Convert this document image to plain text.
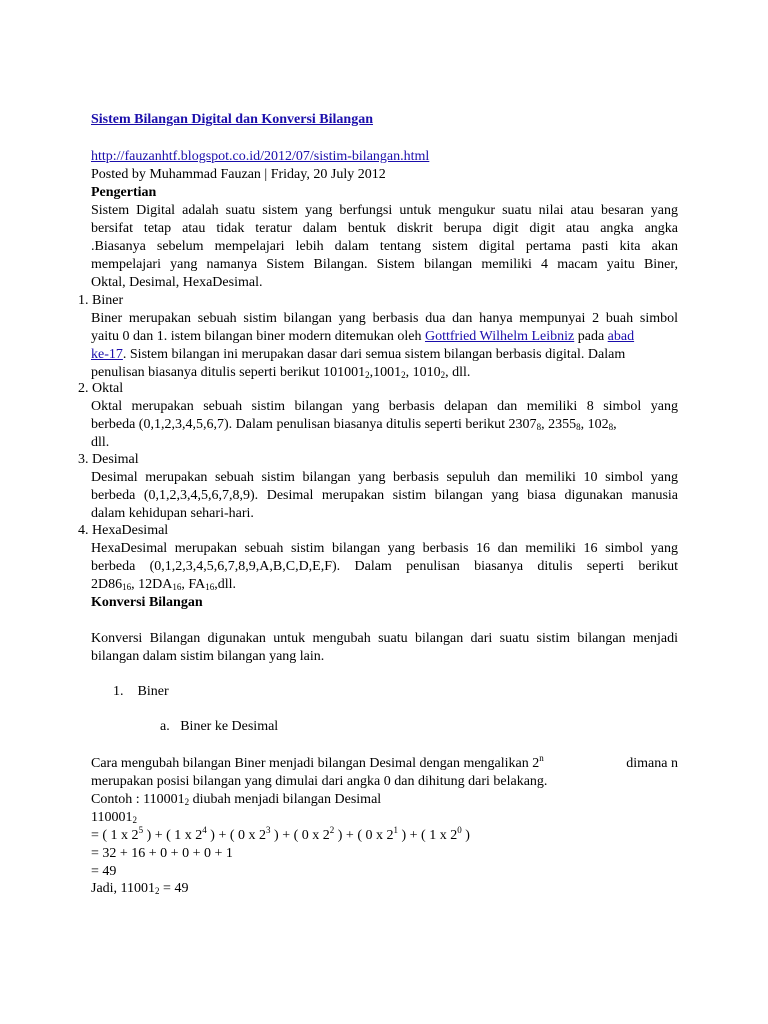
Sistem Bilangan Digital dan Konversi Bilangan
http://fauzanhtf.blogspot.co.id/2012/07/sistim-bilangan.html
Posted by Muhammad Fauzan | Friday, 20 July 2012
Pengertian
Sistem Digital adalah suatu sistem yang berfungsi untuk mengukur suatu nilai atau besaran yang
bersifat tetap atau tidak teratur dalam bentuk diskrit berupa digit digit atau angka angka
.Biasanya sebelum mempelajari lebih dalam tentang sistem digital pertama pasti kita akan
mempelajari yang namanya Sistem Bilangan. Sistem bilangan memiliki 4 macam yaitu Biner,
Oktal, Desimal, HexaDesimal.
1. Biner
Biner merupakan sebuah sistim bilangan yang berbasis dua dan hanya mempunyai 2 buah simbol
yaitu 0 dan 1. istem bilangan biner modern ditemukan oleh Gottfried Wilhelm Leibniz pada abad
ke-17. Sistem bilangan ini merupakan dasar dari semua sistem bilangan berbasis digital. Dalam
penulisan biasanya ditulis seperti berikut $101001_2,1001_2$, $1010_2$, dll.
2. Oktal
Oktal merupakan sebuah sistim bilangan yang berbasis delapan dan memiliki 8 simbol yang
berbeda (0,1,2,3,4,5,6,7). Dalam penulisan biasanya ditulis seperti berikut $2307_8$, $2355_8$, $102_8$,
dll.
3. Desimal
Desimal merupakan sebuah sistim bilangan yang berbasis sepuluh dan memiliki 10 simbol yang
berbeda (0,1,2,3,4,5,6,7,8,9). Desimal merupakan sistim bilangan yang biasa digunakan manusia
dalam kehidupan sehari-hari.
4. HexaDesimal
HexaDesimal merupakan sebuah sistim bilangan yang berbasis 16 dan memiliki 16 simbol yang
berbeda (0,1,2,3,4,5,6,7,8,9,A,B,C,D,E,F). Dalam penulisan biasanya ditulis seperti berikut
$2D86_{16}$, $12DA_{16}$, $FA_{16},dll$.
Konversi Bilangan
Konversi Bilangan digunakan untuk mengubah suatu bilangan dari suatu sistim bilangan menjadi
bilangan dalam sistim bilangan yang lain.
1. Biner
a. Biner ke Desimal
Cara mengubah bilangan Biner menjadi bilangan Desimal dengan mengalikan 2$^n$	dimana n
merupakan posisi bilangan yang dimulai dari angka 0 dan dihitung dari belakang.
Contoh : $110001_2$ diubah menjadi bilangan Desimal
$110001_2$
= ( 1 x $2^5$ ) + ( 1 x $2^4$ ) + ( 0 x $2^3$ ) + ( 0 x $2^2$ ) + ( 0 x $2^1$ ) + ( 1 x $2^0$ )
= 32 + 16 + 0 + 0 + 0 + 1
= 49
Jadi, $11001_2 = 49$
